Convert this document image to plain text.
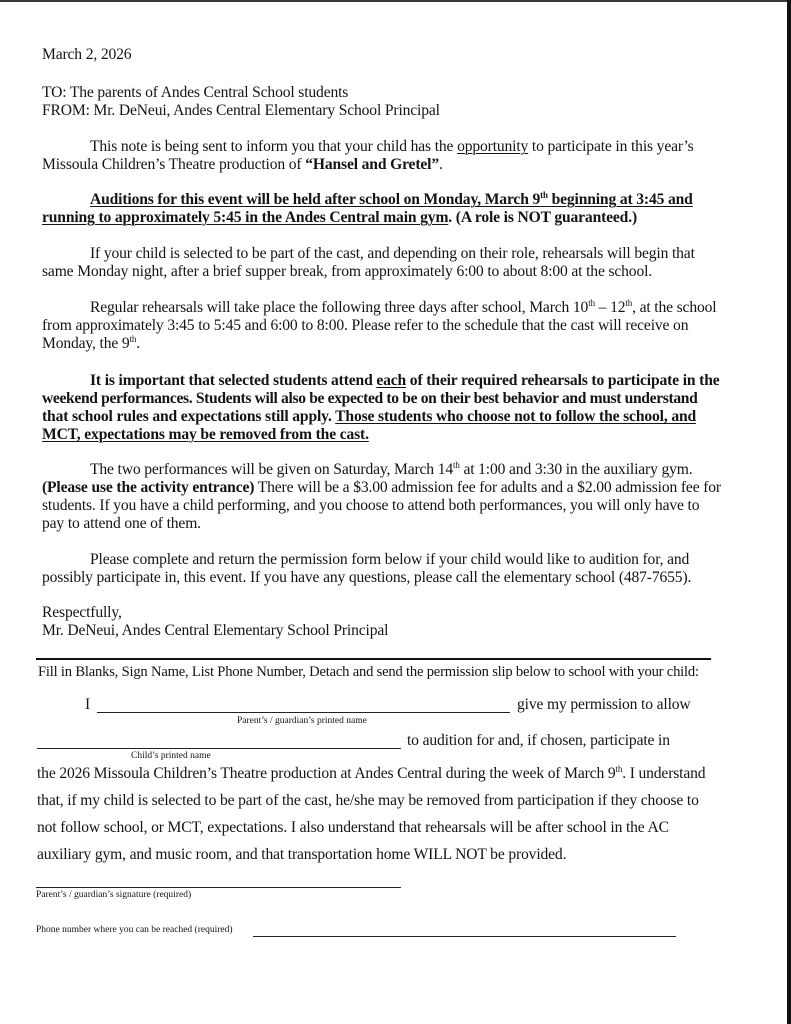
March 2, 2026
TO: The parents of Andes Central School students
FROM: Mr. DeNeui, Andes Central Elementary School Principal
This note is being sent to inform you that your child has the opportunity to participate in this year’s
Missoula Children’s Theatre production of “Hansel and Gretel”.
Auditions for this event will be held after school on Monday, March 9th beginning at 3:45 and
running to approximately 5:45 in the Andes Central main gym. (A role is NOT guaranteed.)
If your child is selected to be part of the cast, and depending on their role, rehearsals will begin that
same Monday night, after a brief supper break, from approximately 6:00 to about 8:00 at the school.
Regular rehearsals will take place the following three days after school, March 10th – 12th, at the school
from approximately 3:45 to 5:45 and 6:00 to 8:00. Please refer to the schedule that the cast will receive on
Monday, the 9th.
It is important that selected students attend each of their required rehearsals to participate in the
weekend performances. Students will also be expected to be on their best behavior and must understand
that school rules and expectations still apply. Those students who choose not to follow the school, and
MCT, expectations may be removed from the cast.
The two performances will be given on Saturday, March 14th at 1:00 and 3:30 in the auxiliary gym.
(Please use the activity entrance) There will be a $3.00 admission fee for adults and a $2.00 admission fee for
students. If you have a child performing, and you choose to attend both performances, you will only have to
pay to attend one of them.
Please complete and return the permission form below if your child would like to audition for, and
possibly participate in, this event. If you have any questions, please call the elementary school (487-7655).
Respectfully,
Mr. DeNeui, Andes Central Elementary School Principal
Fill in Blanks, Sign Name, List Phone Number, Detach and send the permission slip below to school with your child:
I	give my permission to allow
Parent’s / guardian’s printed name
to audition for and, if chosen, participate in
Child’s printed name
the 2026 Missoula Children’s Theatre production at Andes Central during the week of March 9th. I understand
that, if my child is selected to be part of the cast, he/she may be removed from participation if they choose to
not follow school, or MCT, expectations. I also understand that rehearsals will be after school in the AC
auxiliary gym, and music room, and that transportation home WILL NOT be provided.
Parent’s / guardian’s signature (required)
Phone number where you can be reached (required)
